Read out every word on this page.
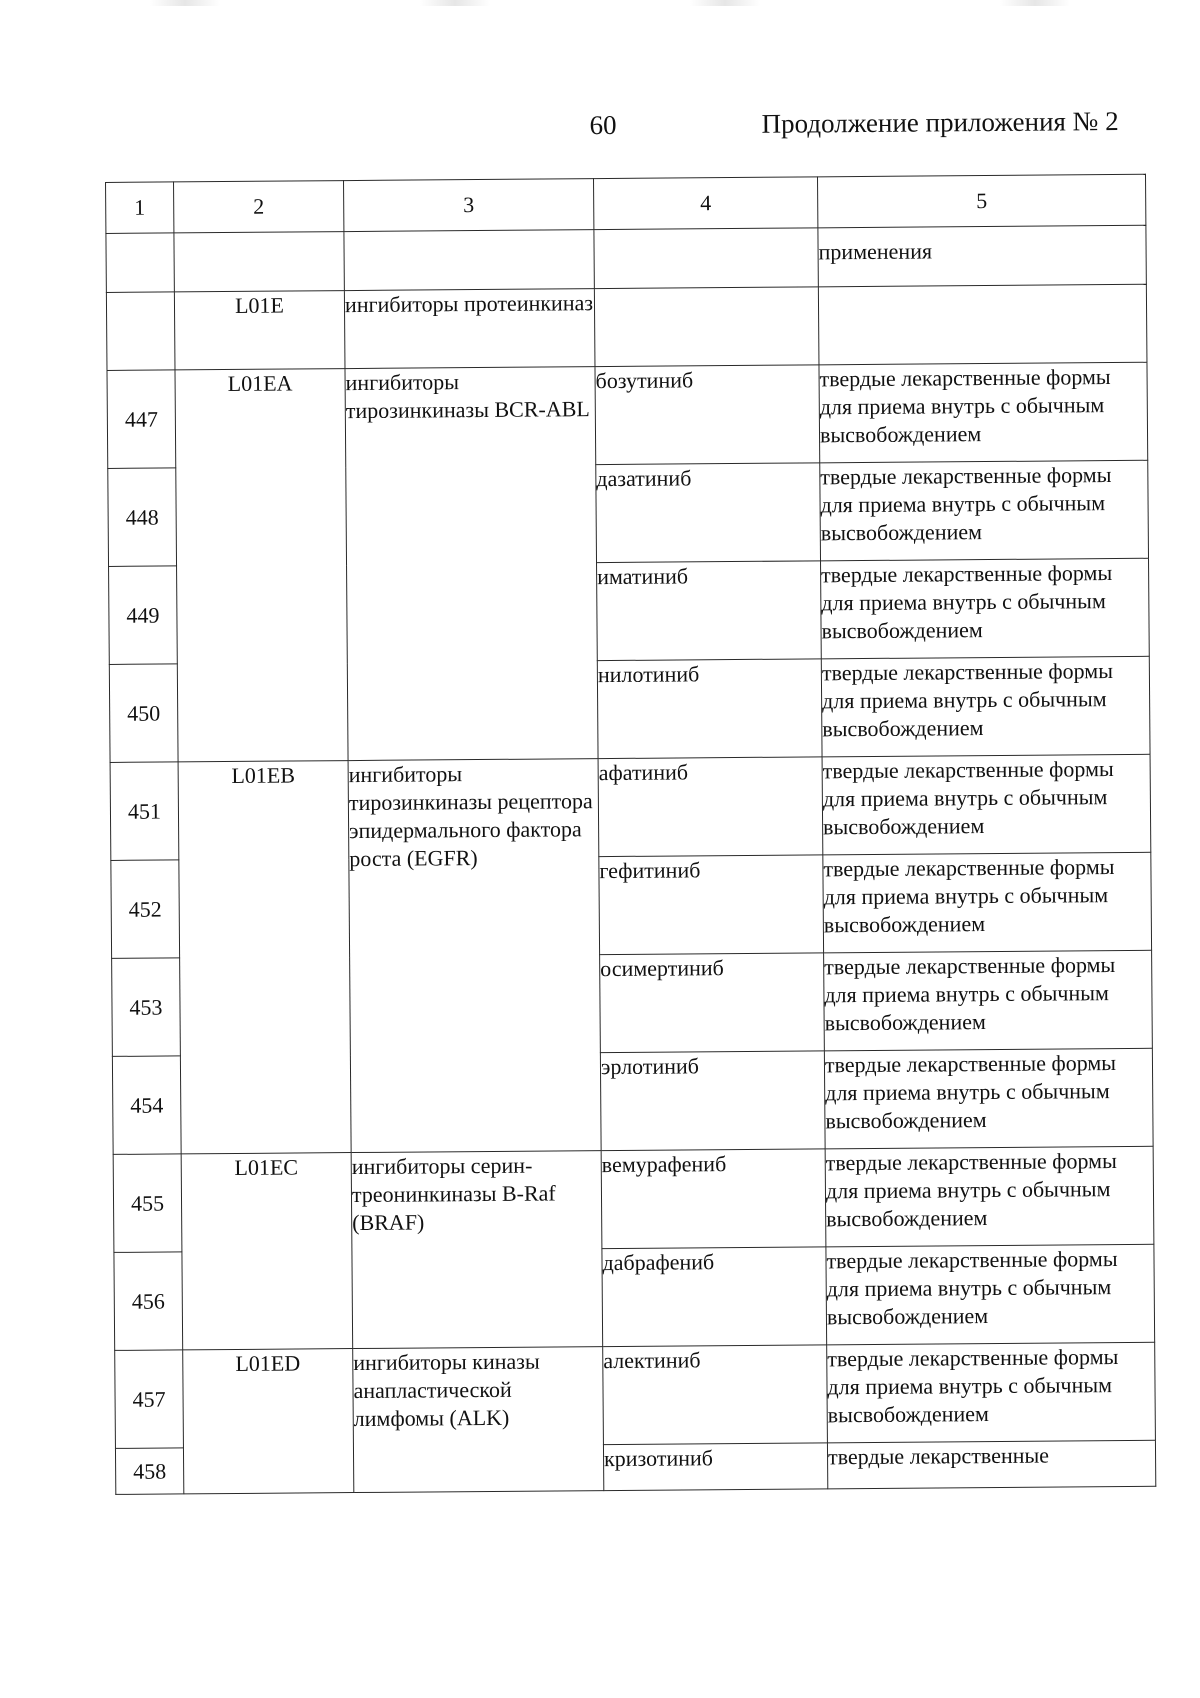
60	Продолжение приложения № 2
1	2	3	4	5
				применения
	L01E	ингибиторы протеинкиназ		
447	L01EA	ингибиторы тирозинкиназы BCR-ABL	бозутиниб	твердые лекарственные формы для приема внутрь с обычным высвобождением
448			дазатиниб	твердые лекарственные формы для приема внутрь с обычным высвобождением
449			иматиниб	твердые лекарственные формы для приема внутрь с обычным высвобождением
450			нилотиниб	твердые лекарственные формы для приема внутрь с обычным высвобождением
451	L01EB	ингибиторы тирозинкиназы рецептора эпидермального фактора роста (EGFR)	афатиниб	твердые лекарственные формы для приема внутрь с обычным высвобождением
452			гефитиниб	твердые лекарственные формы для приема внутрь с обычным высвобождением
453			осимертиниб	твердые лекарственные формы для приема внутрь с обычным высвобождением
454			эрлотиниб	твердые лекарственные формы для приема внутрь с обычным высвобождением
455	L01EC	ингибиторы серин-треонинкиназы B-Raf (BRAF)	вемурафениб	твердые лекарственные формы для приема внутрь с обычным высвобождением
456			дабрафениб	твердые лекарственные формы для приема внутрь с обычным высвобождением
457	L01ED	ингибиторы киназы анапластической лимфомы (ALK)	алектиниб	твердые лекарственные формы для приема внутрь с обычным высвобождением
458			кризотиниб	твердые лекарственные
